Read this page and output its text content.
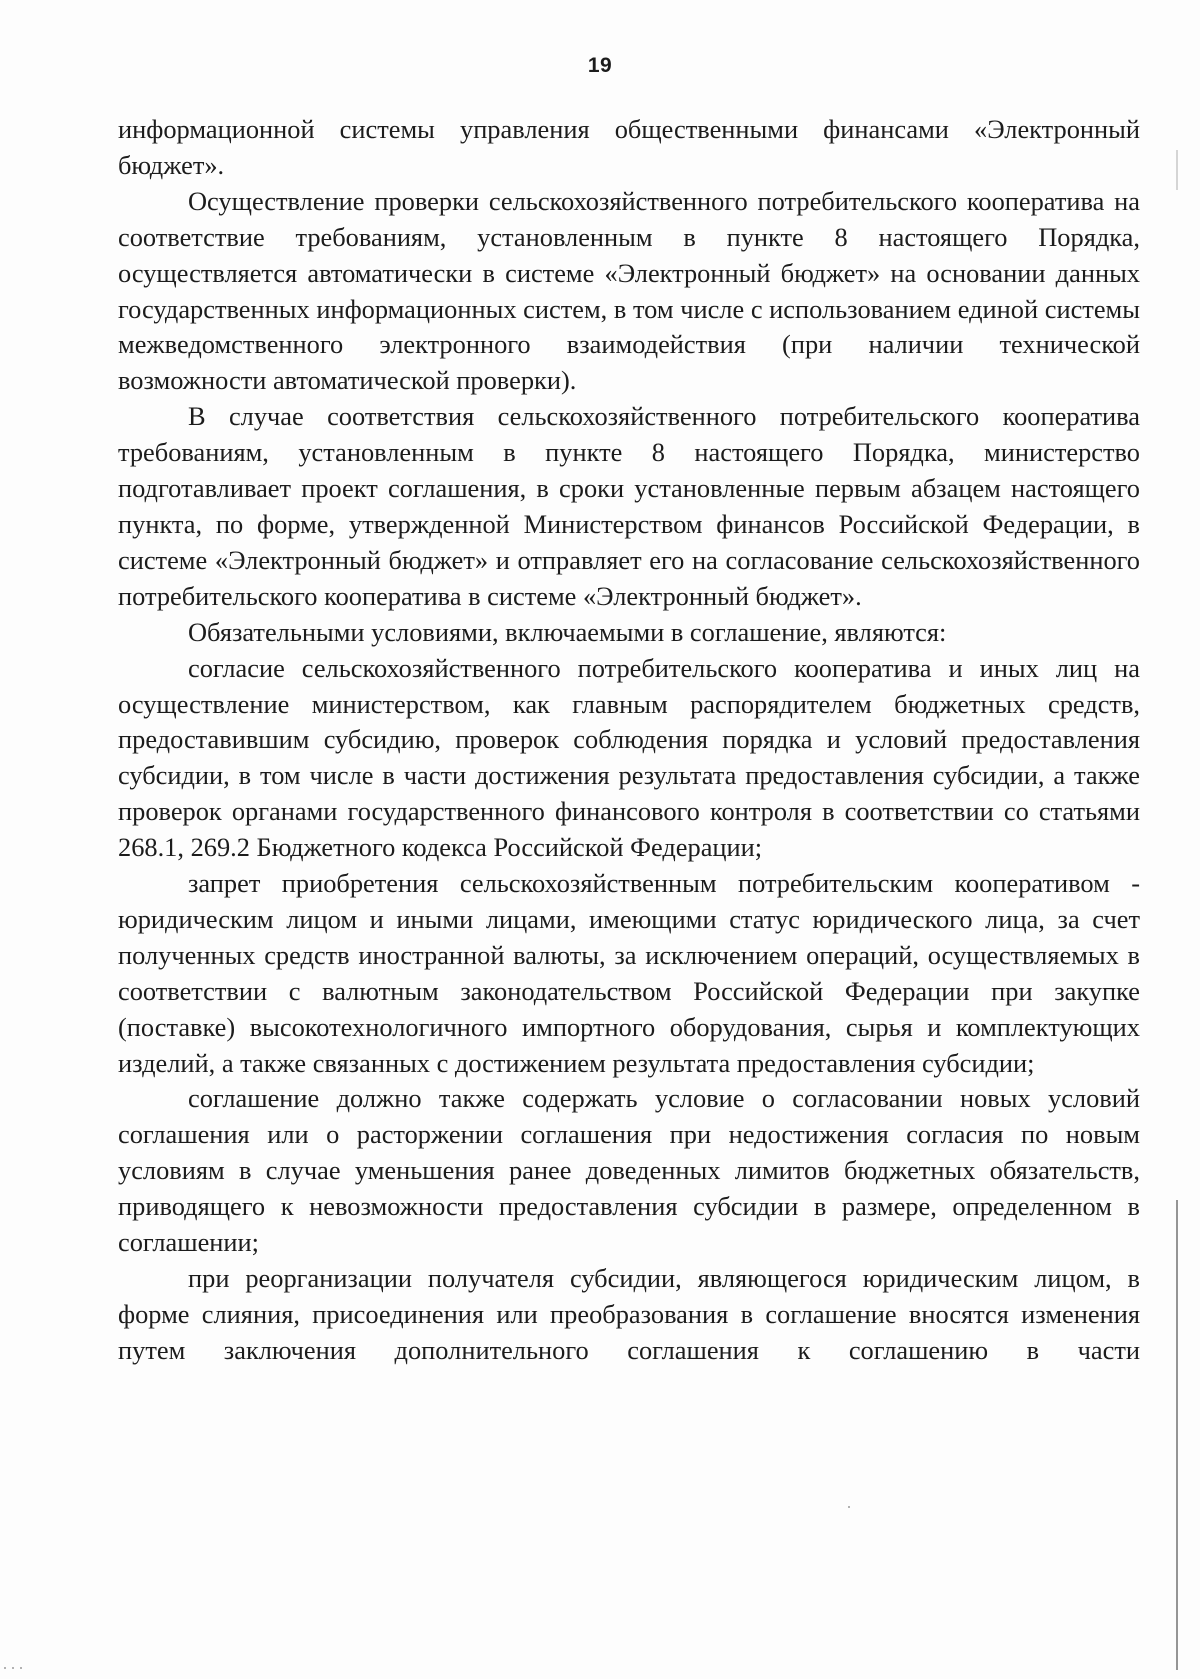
19

информационной системы управления общественными финансами «Электронный бюджет».

Осуществление проверки сельскохозяйственного потребительского кооператива на соответствие требованиям, установленным в пункте 8 настоящего Порядка, осуществляется автоматически в системе «Электронный бюджет» на основании данных государственных информационных систем, в том числе с использованием единой системы межведомственного электронного взаимодействия (при наличии технической возможности автоматической проверки).

В случае соответствия сельскохозяйственного потребительского кооператива требованиям, установленным в пункте 8 настоящего Порядка, министерство подготавливает проект соглашения, в сроки установленные первым абзацем настоящего пункта, по форме, утвержденной Министерством финансов Российской Федерации, в системе «Электронный бюджет» и отправляет его на согласование сельскохозяйственного потребительского кооператива в системе «Электронный бюджет».

Обязательными условиями, включаемыми в соглашение, являются:

согласие сельскохозяйственного потребительского кооператива и иных лиц на осуществление министерством, как главным распорядителем бюджетных средств, предоставившим субсидию, проверок соблюдения порядка и условий предоставления субсидии, в том числе в части достижения результата предоставления субсидии, а также проверок органами государственного финансового контроля в соответствии со статьями 268.1, 269.2 Бюджетного кодекса Российской Федерации;

запрет приобретения сельскохозяйственным потребительским кооперативом - юридическим лицом и иными лицами, имеющими статус юридического лица, за счет полученных средств иностранной валюты, за исключением операций, осуществляемых в соответствии с валютным законодательством Российской Федерации при закупке (поставке) высокотехнологичного импортного оборудования, сырья и комплектующих изделий, а также связанных с достижением результата предоставления субсидии;

соглашение должно также содержать условие о согласовании новых условий соглашения или о расторжении соглашения при недостижения согласия по новым условиям в случае уменьшения ранее доведенных лимитов бюджетных обязательств, приводящего к невозможности предоставления субсидии в размере, определенном в соглашении;

при реорганизации получателя субсидии, являющегося юридическим лицом, в форме слияния, присоединения или преобразования в соглашение вносятся изменения путем заключения дополнительного соглашения к соглашению в части
